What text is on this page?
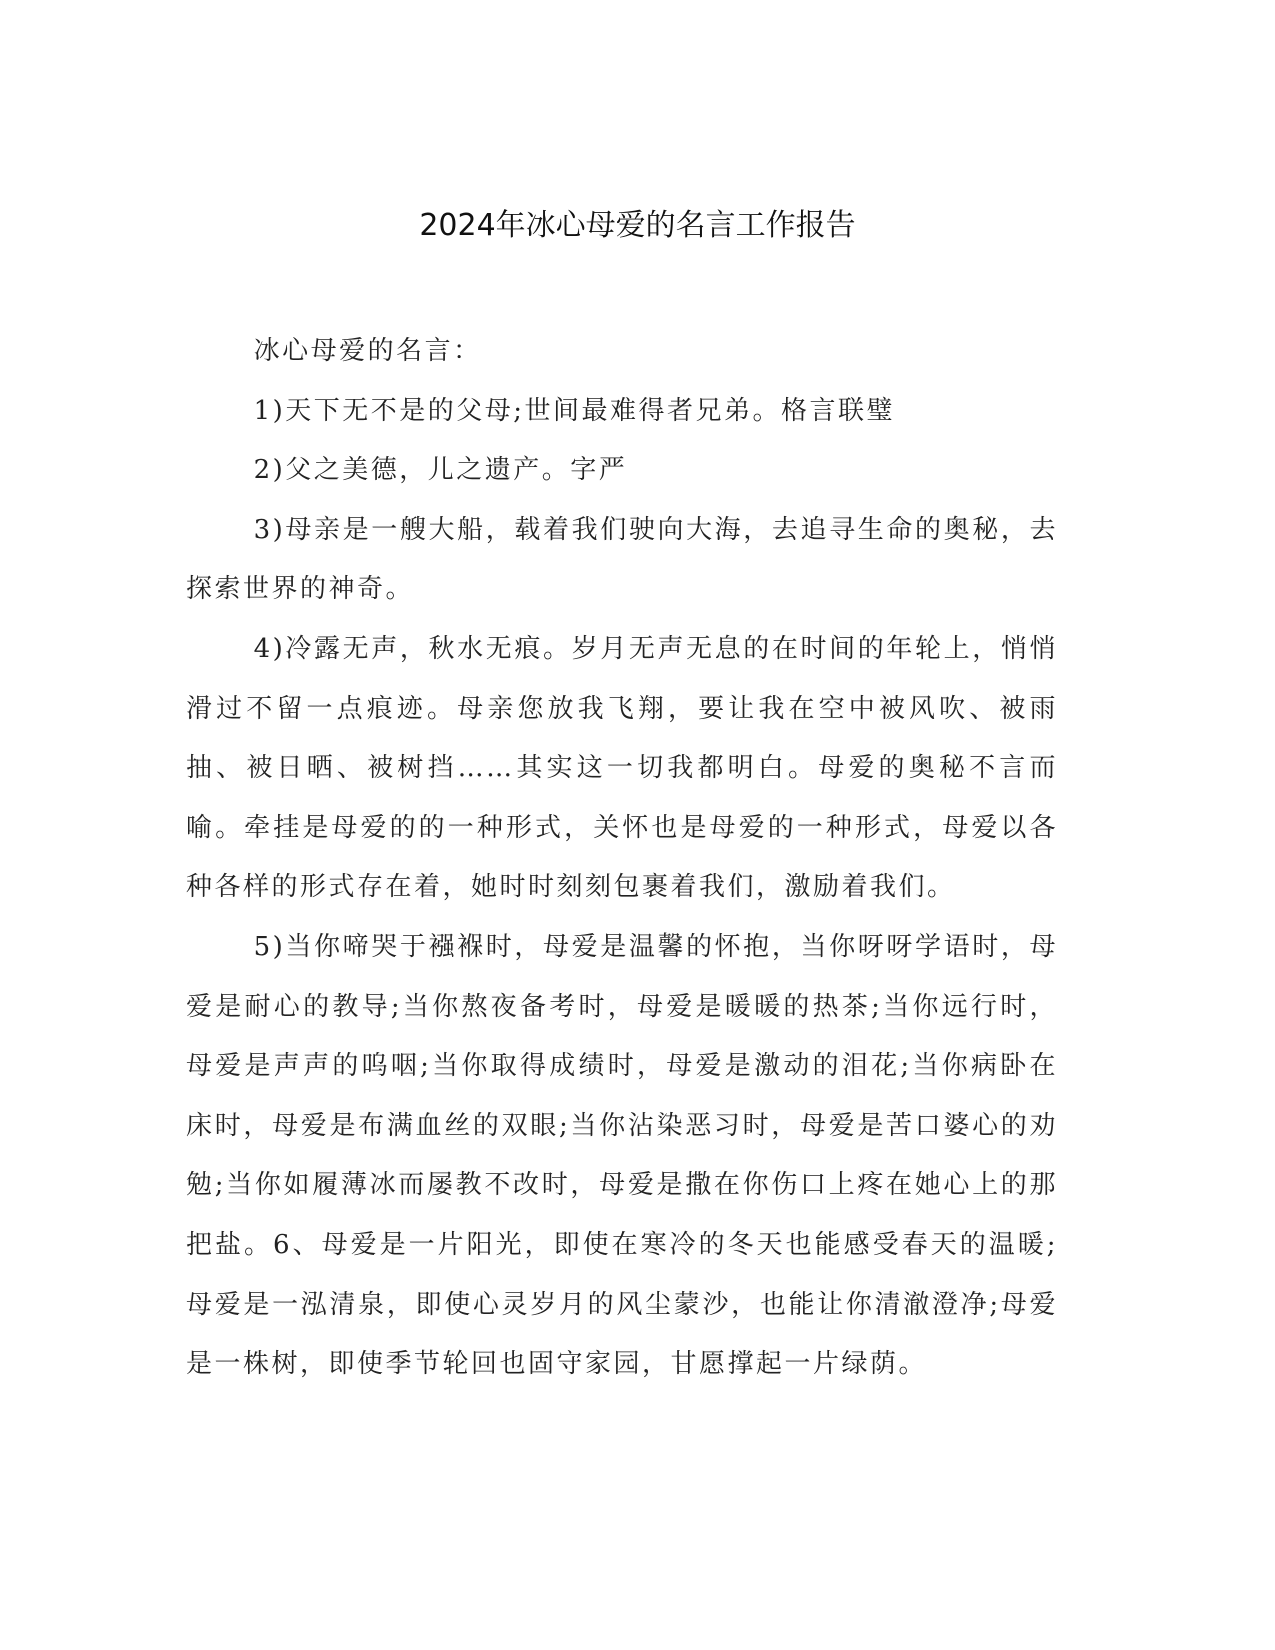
2024年冰心母爱的名言工作报告

冰心母爱的名言：

1)天下无不是的父母;世间最难得者兄弟。格言联璧

2)父之美德，儿之遗产。字严

3)母亲是一艘大船，载着我们驶向大海，去追寻生命的奥秘，去探索世界的神奇。

4)冷露无声，秋水无痕。岁月无声无息的在时间的年轮上，悄悄滑过不留一点痕迹。母亲您放我飞翔，要让我在空中被风吹、被雨抽、被日晒、被树挡……其实这一切我都明白。母爱的奥秘不言而喻。牵挂是母爱的的一种形式，关怀也是母爱的一种形式，母爱以各种各样的形式存在着，她时时刻刻包裹着我们，激励着我们。

5)当你啼哭于襁褓时，母爱是温馨的怀抱，当你呀呀学语时，母爱是耐心的教导;当你熬夜备考时，母爱是暖暖的热茶;当你远行时，母爱是声声的呜咽;当你取得成绩时，母爱是激动的泪花;当你病卧在床时，母爱是布满血丝的双眼;当你沾染恶习时，母爱是苦口婆心的劝勉;当你如履薄冰而屡教不改时，母爱是撒在你伤口上疼在她心上的那把盐。6、母爱是一片阳光，即使在寒冷的冬天也能感受春天的温暖;母爱是一泓清泉，即使心灵岁月的风尘蒙沙，也能让你清澈澄净;母爱是一株树，即使季节轮回也固守家园，甘愿撑起一片绿荫。
